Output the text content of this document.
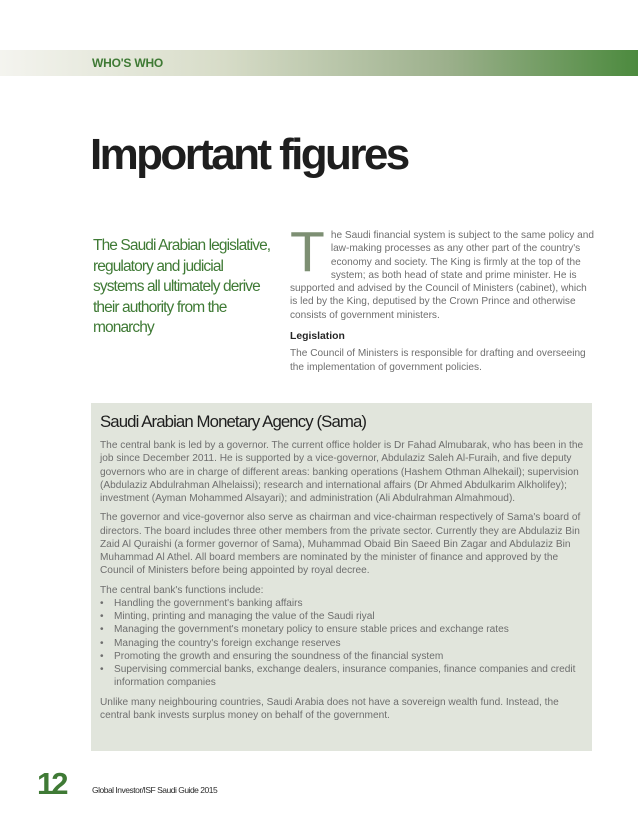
WHO'S WHO
Important figures

The Saudi Arabian legislative, regulatory and judicial systems all ultimately derive their authority from the monarchy

The Saudi financial system is subject to the same policy and law-making processes as any other part of the country's economy and society. The King is firmly at the top of the system; as both head of state and prime minister. He is supported and advised by the Council of Ministers (cabinet), which is led by the King, deputised by the Crown Prince and otherwise consists of government ministers.

Legislation

The Council of Ministers is responsible for drafting and overseeing the implementation of government policies.

Saudi Arabian Monetary Agency (Sama)

The central bank is led by a governor. The current office holder is Dr Fahad Almubarak, who has been in the job since December 2011. He is supported by a vice-governor, Abdulaziz Saleh Al-Furaih, and five deputy governors who are in charge of different areas: banking operations (Hashem Othman Alhekail); supervision (Abdulaziz Abdulrahman Alhelaissi); research and international affairs (Dr Ahmed Abdulkarim Alkholifey); investment (Ayman Mohammed Alsayari); and administration (Ali Abdulrahman Almahmoud).

The governor and vice-governor also serve as chairman and vice-chairman respectively of Sama's board of directors. The board includes three other members from the private sector. Currently they are Abdulaziz Bin Zaid Al Quraishi (a former governor of Sama), Muhammad Obaid Bin Saeed Bin Zagar and Abdulaziz Bin Muhammad Al Athel. All board members are nominated by the minister of finance and approved by the Council of Ministers before being appointed by royal decree.

The central bank's functions include:

• Handling the government's banking affairs
• Minting, printing and managing the value of the Saudi riyal
• Managing the government's monetary policy to ensure stable prices and exchange rates
• Managing the country's foreign exchange reserves
• Promoting the growth and ensuring the soundness of the financial system
• Supervising commercial banks, exchange dealers, insurance companies, finance companies and credit information companies

Unlike many neighbouring countries, Saudi Arabia does not have a sovereign wealth fund. Instead, the central bank invests surplus money on behalf of the government.

12	Global Investor/ISF Saudi Guide 2015
